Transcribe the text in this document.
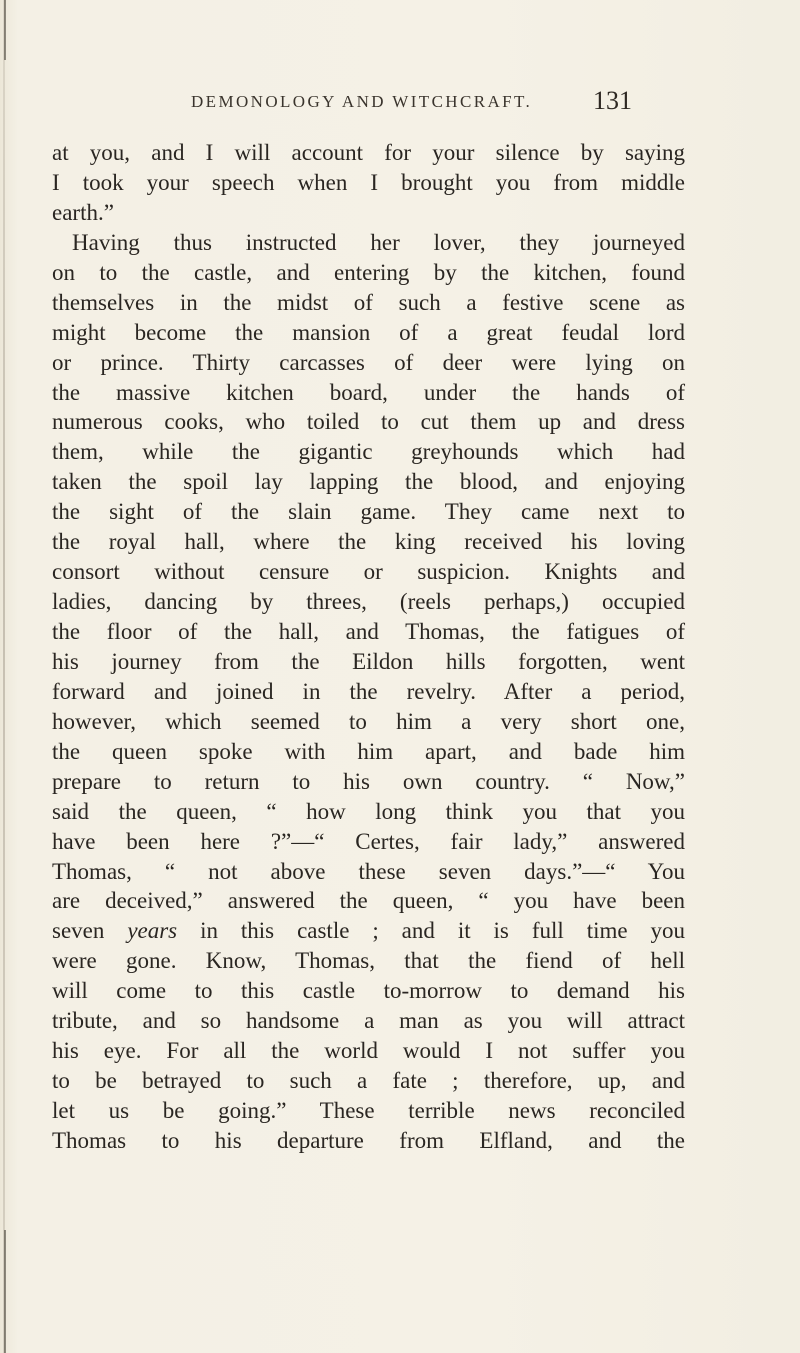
DEMONOLOGY AND WITCHCRAFT.	131
at you, and I will account for your silence by saying
I took your speech when I brought you from middle
earth.”
Having thus instructed her lover, they journeyed
on to the castle, and entering by the kitchen, found
themselves in the midst of such a festive scene as
might become the mansion of a great feudal lord
or prince. Thirty carcasses of deer were lying on
the massive kitchen board, under the hands of
numerous cooks, who toiled to cut them up and dress
them, while the gigantic greyhounds which had
taken the spoil lay lapping the blood, and enjoying
the sight of the slain game. They came next to
the royal hall, where the king received his loving
consort without censure or suspicion. Knights and
ladies, dancing by threes, (reels perhaps,) occupied
the floor of the hall, and Thomas, the fatigues of
his journey from the Eildon hills forgotten, went
forward and joined in the revelry. After a period,
however, which seemed to him a very short one,
the queen spoke with him apart, and bade him
prepare to return to his own country. “ Now,”
said the queen, “ how long think you that you
have been here ?”—“ Certes, fair lady,” answered
Thomas, “ not above these seven days.”—“ You
are deceived,” answered the queen, “ you have been
seven years in this castle ; and it is full time you
were gone. Know, Thomas, that the fiend of hell
will come to this castle to-morrow to demand his
tribute, and so handsome a man as you will attract
his eye. For all the world would I not suffer you
to be betrayed to such a fate ; therefore, up, and
let us be going.” These terrible news reconciled
Thomas to his departure from Elfland, and the
